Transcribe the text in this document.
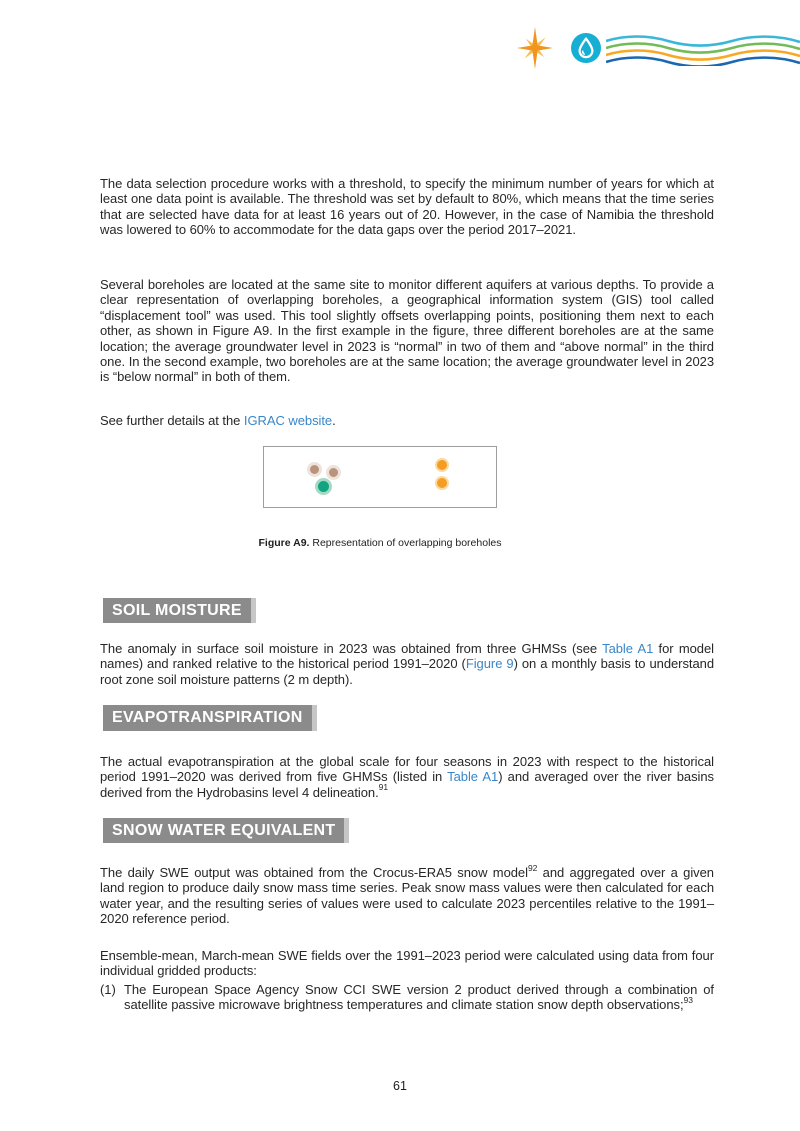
The data selection procedure works with a threshold, to specify the minimum number of years for which at least one data point is available. The threshold was set by default to 80%, which means that the time series that are selected have data for at least 16 years out of 20. However, in the case of Namibia the threshold was lowered to 60% to accommodate for the data gaps over the period 2017–2021.

Several boreholes are located at the same site to monitor different aquifers at various depths. To provide a clear representation of overlapping boreholes, a geographical information system (GIS) tool called “displacement tool” was used. This tool slightly offsets overlapping points, positioning them next to each other, as shown in Figure A9. In the first example in the figure, three different boreholes are at the same location; the average groundwater level in 2023 is “normal” in two of them and “above normal” in the third one. In the second example, two boreholes are at the same location; the average groundwater level in 2023 is “below normal” in both of them.

See further details at the IGRAC website.

Figure A9. Representation of overlapping boreholes
SOIL MOISTURE

The anomaly in surface soil moisture in 2023 was obtained from three GHMSs (see Table A1 for model names) and ranked relative to the historical period 1991–2020 (Figure 9) on a monthly basis to understand root zone soil moisture patterns (2 m depth).

EVAPOTRANSPIRATION

The actual evapotranspiration at the global scale for four seasons in 2023 with respect to the historical period 1991–2020 was derived from five GHMSs (listed in Table A1) and averaged over the river basins derived from the Hydrobasins level 4 delineation.$^{91}$

SNOW WATER EQUIVALENT

The daily SWE output was obtained from the Crocus-ERA5 snow model$^{92}$ and aggregated over a given land region to produce daily snow mass time series. Peak snow mass values were then calculated for each water year, and the resulting series of values were used to calculate 2023 percentiles relative to the 1991–2020 reference period.

Ensemble-mean, March-mean SWE fields over the 1991–2023 period were calculated using data from four individual gridded products:

(1) The European Space Agency Snow CCI SWE version 2 product derived through a combination of satellite passive microwave brightness temperatures and climate station snow depth observations;$^{93}$
61
